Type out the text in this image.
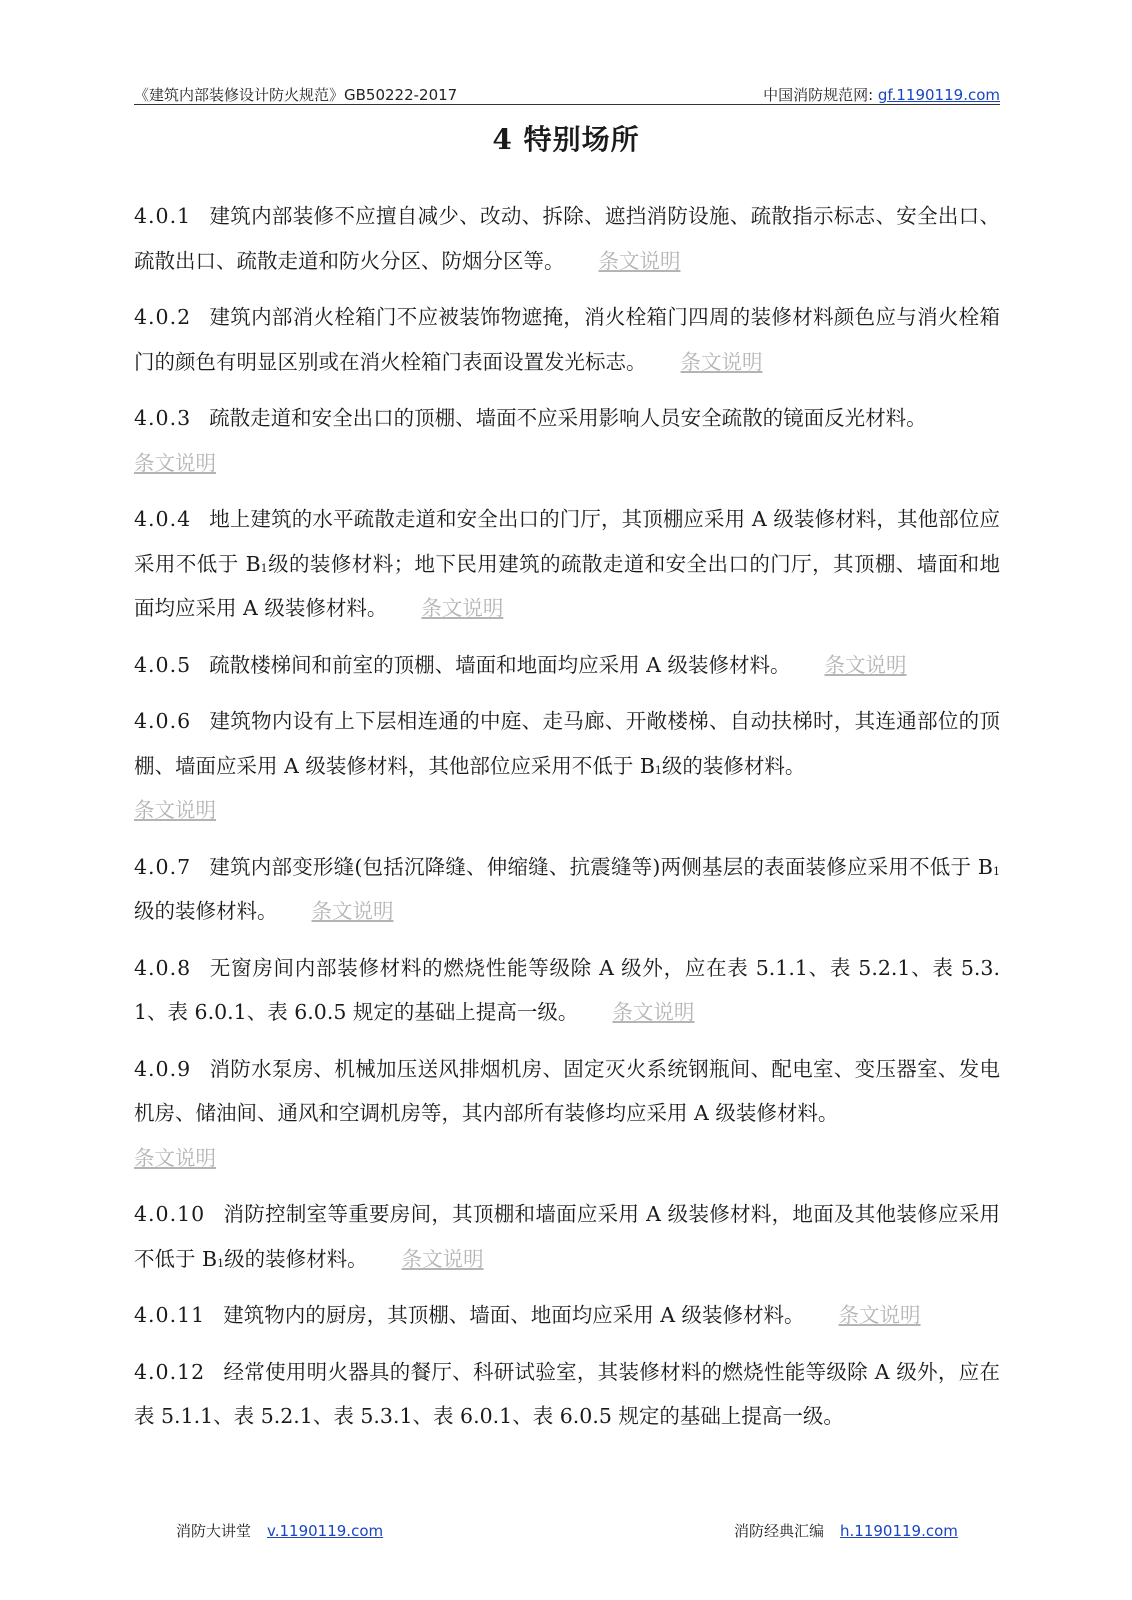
《建筑内部装修设计防火规范》GB50222-2017	中国消防规范网: gf.1190119.com
4 特别场所

4.0.1 建筑内部装修不应擅自减少、改动、拆除、遮挡消防设施、疏散指示标志、安全出口、疏散出口、疏散走道和防火分区、防烟分区等。 条文说明

4.0.2 建筑内部消火栓箱门不应被装饰物遮掩，消火栓箱门四周的装修材料颜色应与消火栓箱门的颜色有明显区别或在消火栓箱门表面设置发光标志。 条文说明

4.0.3 疏散走道和安全出口的顶棚、墙面不应采用影响人员安全疏散的镜面反光材料。
条文说明

4.0.4 地上建筑的水平疏散走道和安全出口的门厅，其顶棚应采用 A 级装修材料，其他部位应采用不低于 $B_1$级的装修材料；地下民用建筑的疏散走道和安全出口的门厅，其顶棚、墙面和地面均应采用 A 级装修材料。 条文说明

4.0.5 疏散楼梯间和前室的顶棚、墙面和地面均应采用 A 级装修材料。 条文说明

4.0.6 建筑物内设有上下层相连通的中庭、走马廊、开敞楼梯、自动扶梯时，其连通部位的顶棚、墙面应采用 A 级装修材料，其他部位应采用不低于 $B_1$级的装修材料。
条文说明

4.0.7 建筑内部变形缝(包括沉降缝、伸缩缝、抗震缝等)两侧基层的表面装修应采用不低于 $B_1$级的装修材料。 条文说明

4.0.8 无窗房间内部装修材料的燃烧性能等级除 A 级外，应在表 5.1.1、表 5.2.1、表 5.3.1、表 6.0.1、表 6.0.5 规定的基础上提高一级。 条文说明

4.0.9 消防水泵房、机械加压送风排烟机房、固定灭火系统钢瓶间、配电室、变压器室、发电机房、储油间、通风和空调机房等，其内部所有装修均应采用 A 级装修材料。
条文说明

4.0.10 消防控制室等重要房间，其顶棚和墙面应采用 A 级装修材料，地面及其他装修应采用不低于 $B_1$级的装修材料。 条文说明

4.0.11 建筑物内的厨房，其顶棚、墙面、地面均应采用 A 级装修材料。 条文说明

4.0.12 经常使用明火器具的餐厅、科研试验室，其装修材料的燃烧性能等级除 A 级外，应在表 5.1.1、表 5.2.1、表 5.3.1、表 6.0.1、表 6.0.5 规定的基础上提高一级。

消防大讲堂 v.1190119.com	消防经典汇编 h.1190119.com
